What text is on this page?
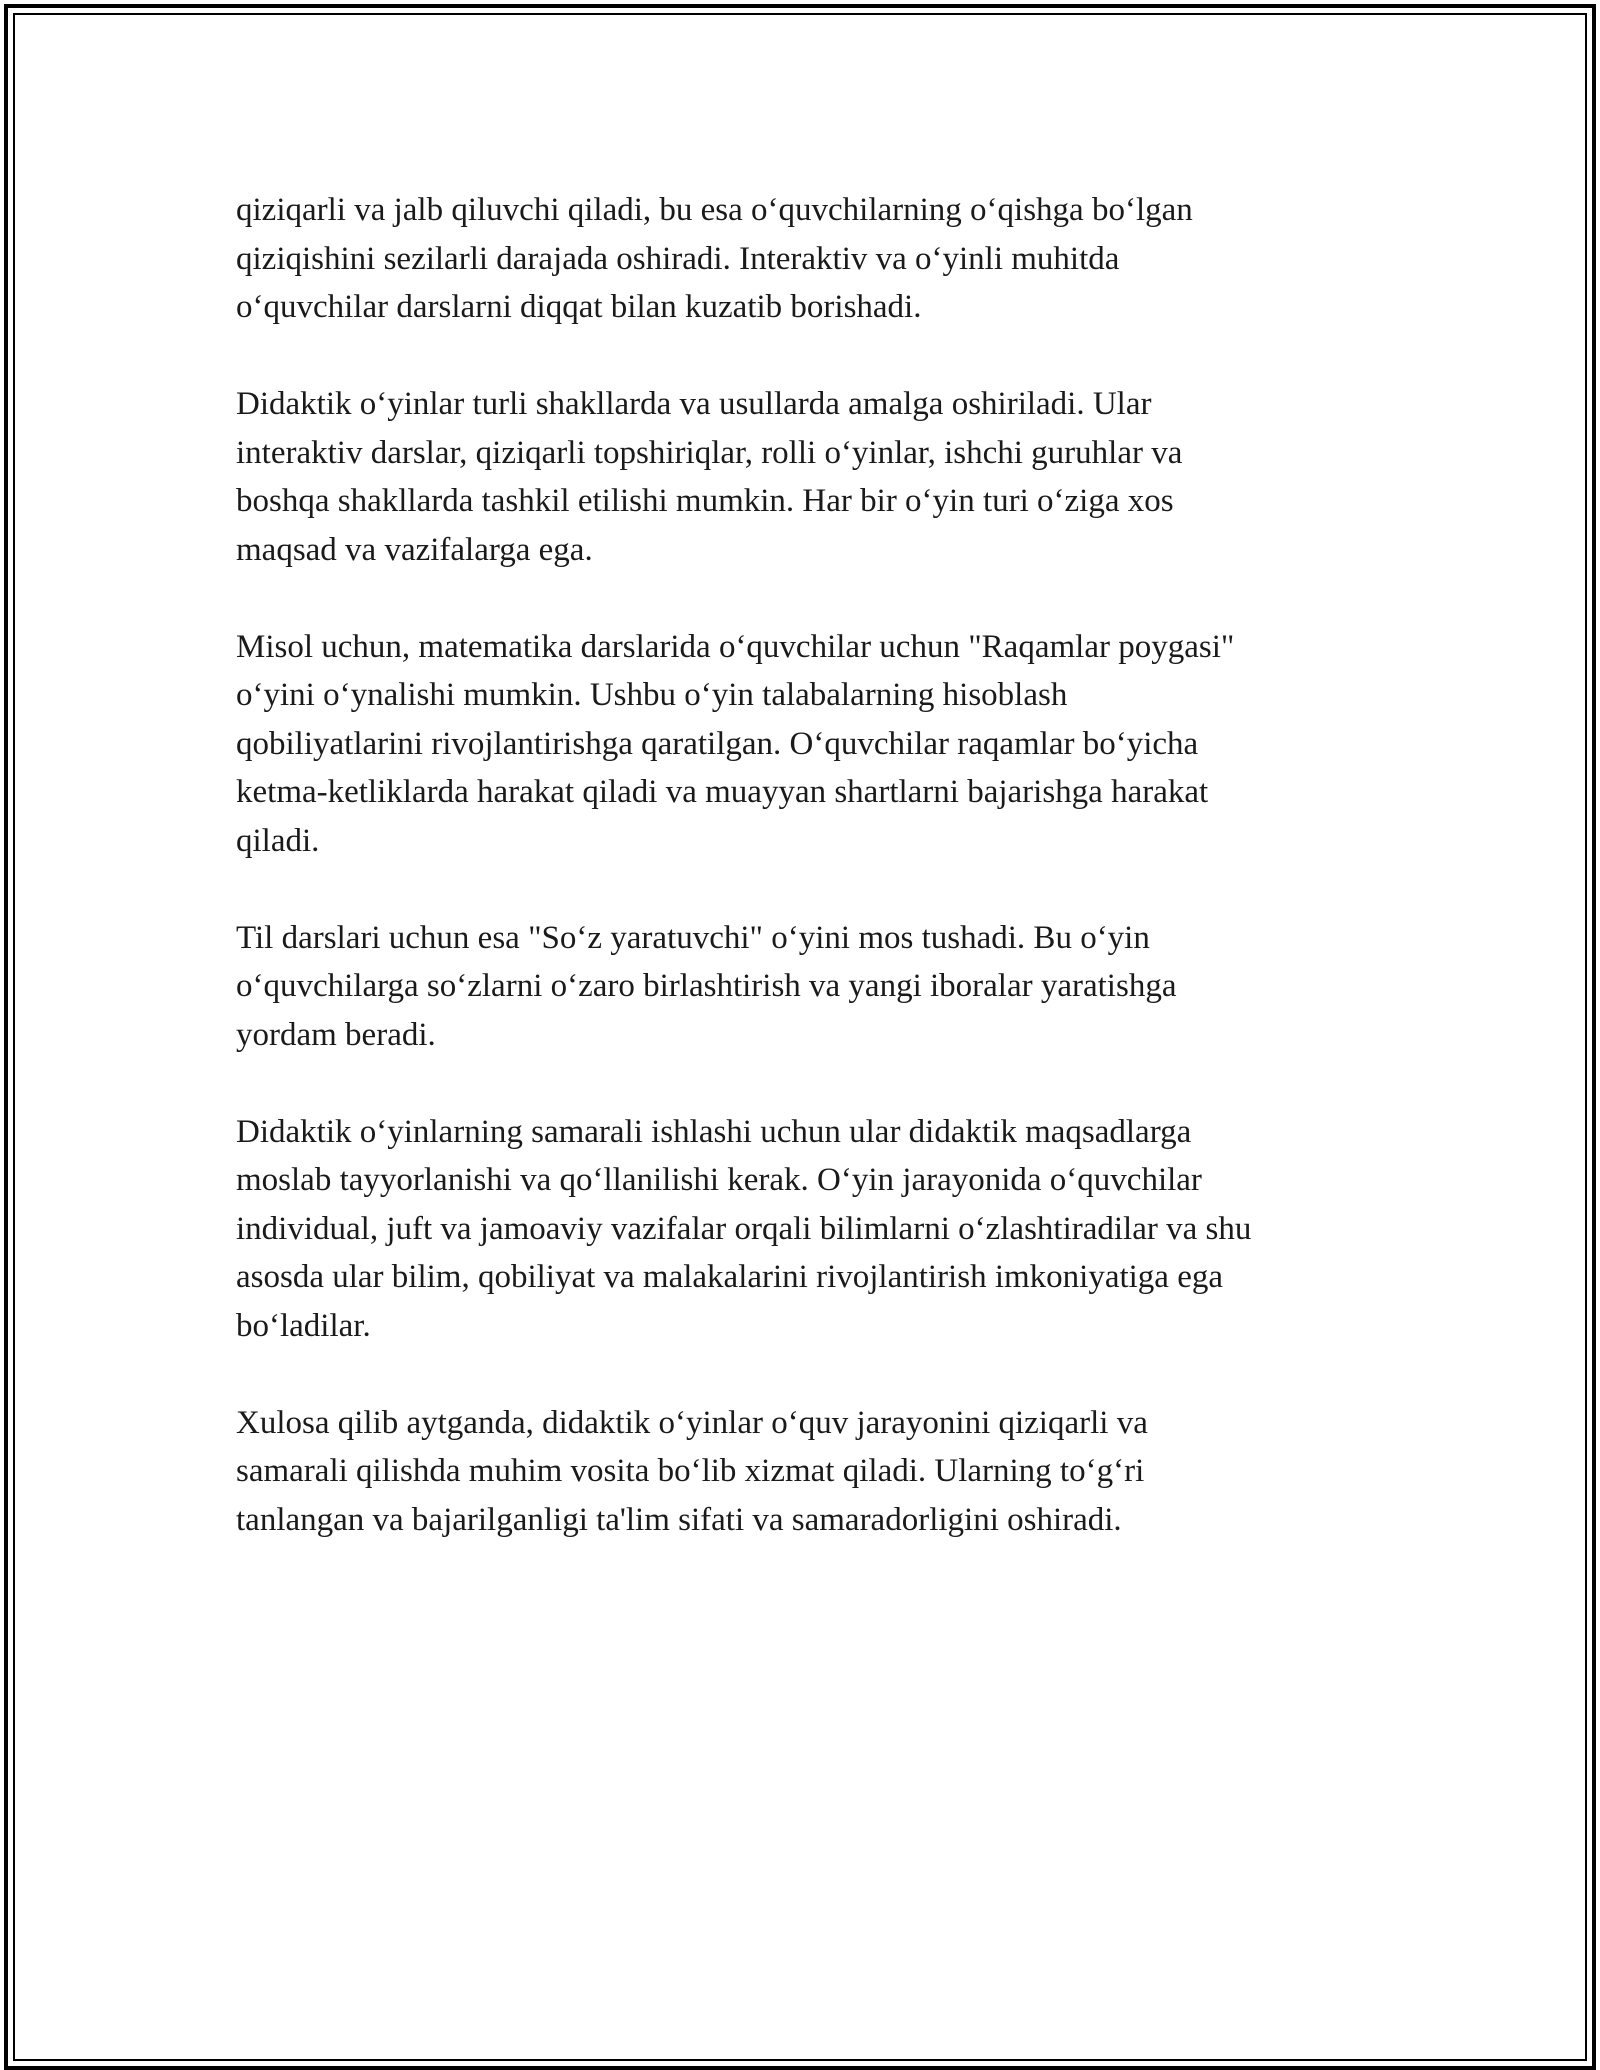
qiziqarli va jalb qiluvchi qiladi, bu esa o‘quvchilarning o‘qishga bo‘lgan
qiziqishini sezilarli darajada oshiradi. Interaktiv va o‘yinli muhitda
o‘quvchilar darslarni diqqat bilan kuzatib borishadi.

Didaktik o‘yinlar turli shakllarda va usullarda amalga oshiriladi. Ular
interaktiv darslar, qiziqarli topshiriqlar, rolli o‘yinlar, ishchi guruhlar va
boshqa shakllarda tashkil etilishi mumkin. Har bir o‘yin turi o‘ziga xos
maqsad va vazifalarga ega.

Misol uchun, matematika darslarida o‘quvchilar uchun "Raqamlar poygasi"
o‘yini o‘ynalishi mumkin. Ushbu o‘yin talabalarning hisoblash
qobiliyatlarini rivojlantirishga qaratilgan. O‘quvchilar raqamlar bo‘yicha
ketma-ketliklarda harakat qiladi va muayyan shartlarni bajarishga harakat
qiladi.

Til darslari uchun esa "So‘z yaratuvchi" o‘yini mos tushadi. Bu o‘yin
o‘quvchilarga so‘zlarni o‘zaro birlashtirish va yangi iboralar yaratishga
yordam beradi.

Didaktik o‘yinlarning samarali ishlashi uchun ular didaktik maqsadlarga
moslab tayyorlanishi va qo‘llanilishi kerak. O‘yin jarayonida o‘quvchilar
individual, juft va jamoaviy vazifalar orqali bilimlarni o‘zlashtiradilar va shu
asosda ular bilim, qobiliyat va malakalarini rivojlantirish imkoniyatiga ega
bo‘ladilar.

Xulosa qilib aytganda, didaktik o‘yinlar o‘quv jarayonini qiziqarli va
samarali qilishda muhim vosita bo‘lib xizmat qiladi. Ularning to‘g‘ri
tanlangan va bajarilganligi ta'lim sifati va samaradorligini oshiradi.
